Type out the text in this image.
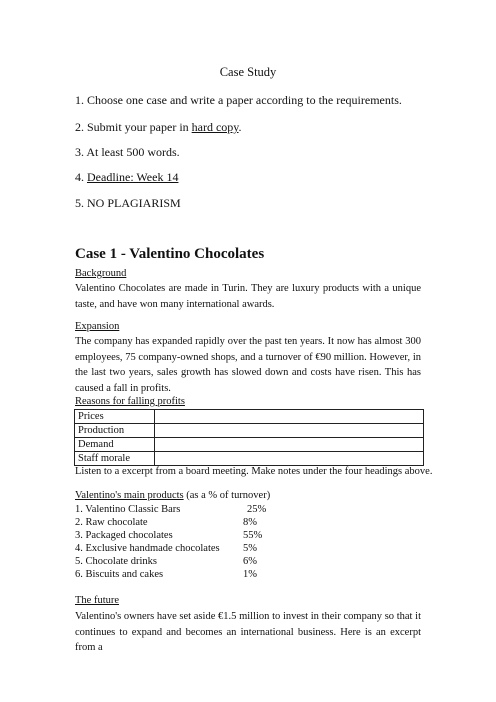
Case Study
1. Choose one case and write a paper according to the requirements.
2. Submit your paper in hard copy.
3. At least 500 words.
4. Deadline: Week 14
5. NO PLAGIARISM
Case 1 - Valentino Chocolates
Background
Valentino Chocolates are made in Turin. They are luxury products with a unique taste, and have won many international awards.
Expansion
The company has expanded rapidly over the past ten years. It now has almost 300 employees, 75 company-owned shops, and a turnover of €90 million. However, in the last two years, sales growth has slowed down and costs have risen. This has caused a fall in profits.
Reasons for falling profits
Prices	
Production	
Demand	
Staff morale	
Listen to a excerpt from a board meeting. Make notes under the four headings above.
Valentino's main products (as a % of turnover)
1. Valentino Classic Bars	25%
2. Raw chocolate	8%
3. Packaged chocolates	55%
4. Exclusive handmade chocolates 5%
5. Chocolate drinks	6%
6. Biscuits and cakes	1%
The future
Valentino's owners have set aside €1.5 million to invest in their company so that it continues to expand and becomes an international business. Here is an excerpt from a
